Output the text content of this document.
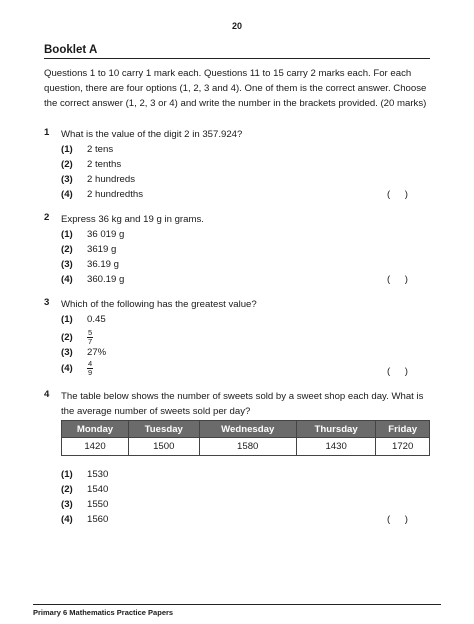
20
Booklet A
Questions 1 to 10 carry 1 mark each. Questions 11 to 15 carry 2 marks each. For each question, there are four options (1, 2, 3 and 4). One of them is the correct answer. Choose the correct answer (1, 2, 3 or 4) and write the number in the brackets provided. (20 marks)
1 What is the value of the digit 2 in 357.924?
(1) 2 tens
(2) 2 tenths
(3) 2 hundreds
(4) 2 hundredths	( )
2 Express 36 kg and 19 g in grams.
(1) 36 019 g
(2) 3619 g
(3) 36.19 g
(4) 360.19 g	( )
3 Which of the following has the greatest value?
(1) 0.45
$(2) \frac{5}{7}$
(3) 27%
$(4) \frac{4}{9}$	( )
4 The table below shows the number of sweets sold by a sweet shop each day. What is the average number of sweets sold per day?
Monday	Tuesday	Wednesday	Thursday	Friday
1420	1500	1580	1430	1720
(1) 1530
(2) 1540
(3) 1550
(4) 1560	( )
Primary 6 Mathematics Practice Papers
